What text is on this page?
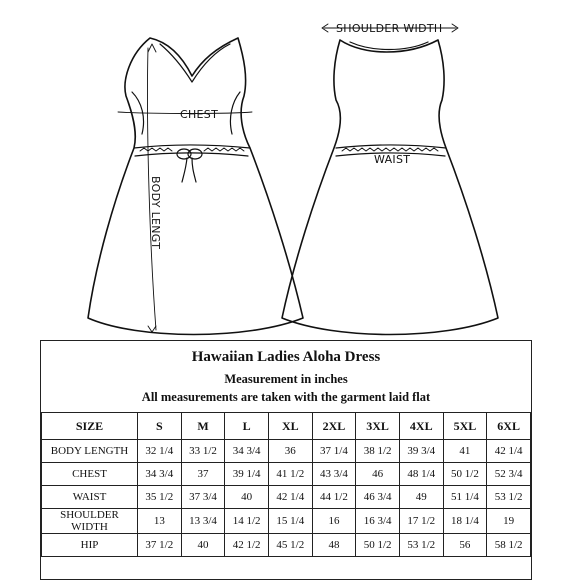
SHOULDER WIDTH
CHEST
WAIST
BODY LENGT
Hawaiian Ladies Aloha Dress
Measurement in inches
All measurements are taken with the garment laid flat
SIZE	S	M	L	XL	2XL	3XL	4XL	5XL	6XL
BODY LENGTH	32 1/4	33 1/2	34 3/4	36	37 1/4	38 1/2	39 3/4	41	42 1/4
CHEST	34 3/4	37	39 1/4	41 1/2	43 3/4	46	48 1/4	50 1/2	52 3/4
WAIST	35 1/2	37 3/4	40	42 1/4	44 1/2	46 3/4	49	51 1/4	53 1/2
SHOULDER WIDTH	13	13 3/4	14 1/2	15 1/4	16	16 3/4	17 1/2	18 1/4	19
HIP	37 1/2	40	42 1/2	45 1/2	48	50 1/2	53 1/2	56	58 1/2
